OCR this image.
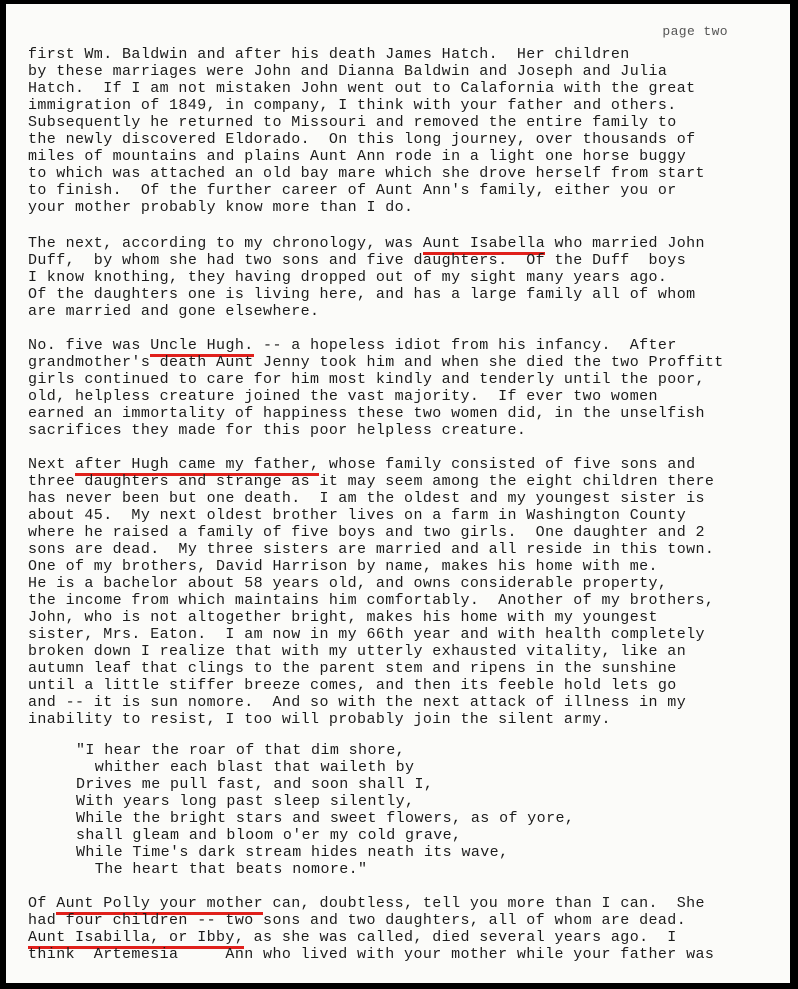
page two
first Wm. Baldwin and after his death James Hatch.  Her children
by these marriages were John and Dianna Baldwin and Joseph and Julia
Hatch.  If I am not mistaken John went out to Calafornia with the great
immigration of 1849, in company, I think with your father and others.
Subsequently he returned to Missouri and removed the entire family to
the newly discovered Eldorado.  On this long journey, over thousands of
miles of mountains and plains Aunt Ann rode in a light one horse buggy
to which was attached an old bay mare which she drove herself from start
to finish.  Of the further career of Aunt Ann's family, either you or
your mother probably know more than I do.
The next, according to my chronology, was Aunt Isabella who married John
Duff,  by whom she had two sons and five daughters.  Of the Duff  boys
I know knothing, they having dropped out of my sight many years ago.
Of the daughters one is living here, and has a large family all of whom
are married and gone elsewhere.
No. five was Uncle Hugh. -- a hopeless idiot from his infancy.  After
grandmother's death Aunt Jenny took him and when she died the two Proffitt
girls continued to care for him most kindly and tenderly until the poor,
old, helpless creature joined the vast majority.  If ever two women
earned an immortality of happiness these two women did, in the unselfish
sacrifices they made for this poor helpless creature.
Next after Hugh came my father, whose family consisted of five sons and
three daughters and strange as it may seem among the eight children there
has never been but one death.  I am the oldest and my youngest sister is
about 45.  My next oldest brother lives on a farm in Washington County
where he raised a family of five boys and two girls.  One daughter and 2
sons are dead.  My three sisters are married and all reside in this town.
One of my brothers, David Harrison by name, makes his home with me.
He is a bachelor about 58 years old, and owns considerable property,
the income from which maintains him comfortably.  Another of my brothers,
John, who is not altogether bright, makes his home with my youngest
sister, Mrs. Eaton.  I am now in my 66th year and with health completely
broken down I realize that with my utterly exhausted vitality, like an
autumn leaf that clings to the parent stem and ripens in the sunshine
until a little stiffer breeze comes, and then its feeble hold lets go
and -- it is sun nomore.  And so with the next attack of illness in my
inability to resist, I too will probably join the silent army.
"I hear the roar of that dim shore,
whither each blast that waileth by
Drives me pull fast, and soon shall I,
With years long past sleep silently,
While the bright stars and sweet flowers, as of yore,
shall gleam and bloom o'er my cold grave,
While Time's dark stream hides neath its wave,
The heart that beats nomore."
Of Aunt Polly your mother can, doubtless, tell you more than I can.  She
had four children -- two sons and two daughters, all of whom are dead.
Aunt Isabilla, or Ibby, as she was called, died several years ago.  I
think  Artemesia     Ann who lived with your mother while your father was
